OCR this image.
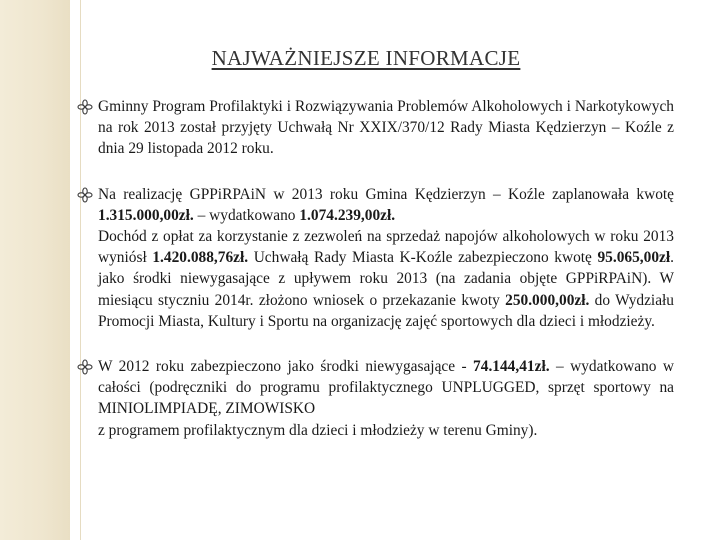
NAJWAŻNIEJSZE INFORMACJE

Gminny Program Profilaktyki i Rozwiązywania Problemów Alkoholowych i Narkotykowych na rok 2013 został przyjęty Uchwałą Nr XXIX/370/12 Rady Miasta Kędzierzyn – Koźle z dnia 29 listopada 2012 roku.

Na realizację GPPiRPAiN w 2013 roku Gmina Kędzierzyn – Koźle zaplanowała kwotę 1.315.000,00zł. – wydatkowano 1.074.239,00zł.

Dochód z opłat za korzystanie z zezwoleń na sprzedaż napojów alkoholowych w roku 2013 wyniósł 1.420.088,76zł. Uchwałą Rady Miasta K-Koźle zabezpieczono kwotę 95.065,00zł. jako środki niewygasające z upływem roku 2013 (na zadania objęte GPPiRPAiN). W miesiącu styczniu 2014r. złożono wniosek o przekazanie kwoty 250.000,00zł. do Wydziału Promocji Miasta, Kultury i Sportu na organizację zajęć sportowych dla dzieci i młodzieży.

W 2012 roku zabezpieczono jako środki niewygasające - 74.144,41zł. – wydatkowano w całości (podręczniki do programu profilaktycznego UNPLUGGED, sprzęt sportowy na MINIOLIMPIADĘ, ZIMOWISKO

z programem profilaktycznym dla dzieci i młodzieży w terenu Gminy).
